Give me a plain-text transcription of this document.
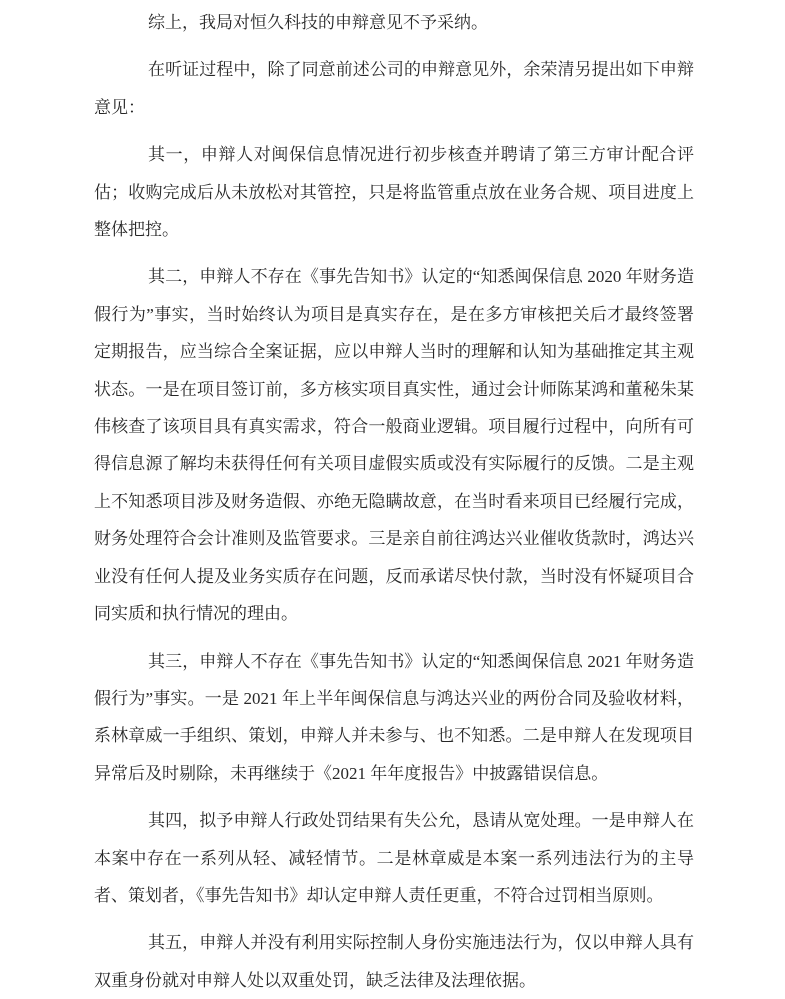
综上，我局对恒久科技的申辩意见不予采纳。

在听证过程中，除了同意前述公司的申辩意见外，余荣清另提出如下申辩意见：

其一，申辩人对闽保信息情况进行初步核查并聘请了第三方审计配合评估；收购完成后从未放松对其管控，只是将监管重点放在业务合规、项目进度上整体把控。

其二，申辩人不存在《事先告知书》认定的“知悉闽保信息 2020 年财务造假行为”事实，当时始终认为项目是真实存在，是在多方审核把关后才最终签署定期报告，应当综合全案证据，应以申辩人当时的理解和认知为基础推定其主观状态。一是在项目签订前，多方核实项目真实性，通过会计师陈某鸿和董秘朱某伟核查了该项目具有真实需求，符合一般商业逻辑。项目履行过程中，向所有可得信息源了解均未获得任何有关项目虚假实质或没有实际履行的反馈。二是主观上不知悉项目涉及财务造假、亦绝无隐瞒故意，在当时看来项目已经履行完成，财务处理符合会计准则及监管要求。三是亲自前往鸿达兴业催收货款时，鸿达兴业没有任何人提及业务实质存在问题，反而承诺尽快付款，当时没有怀疑项目合同实质和执行情况的理由。

其三，申辩人不存在《事先告知书》认定的“知悉闽保信息 2021 年财务造假行为”事实。一是 2021 年上半年闽保信息与鸿达兴业的两份合同及验收材料，系林章威一手组织、策划，申辩人并未参与、也不知悉。二是申辩人在发现项目异常后及时剔除，未再继续于《2021 年年度报告》中披露错误信息。

其四，拟予申辩人行政处罚结果有失公允，恳请从宽处理。一是申辩人在本案中存在一系列从轻、减轻情节。二是林章威是本案一系列违法行为的主导者、策划者，《事先告知书》却认定申辩人责任更重，不符合过罚相当原则。

其五，申辩人并没有利用实际控制人身份实施违法行为，仅以申辩人具有双重身份就对申辩人处以双重处罚，缺乏法律及法理依据。
